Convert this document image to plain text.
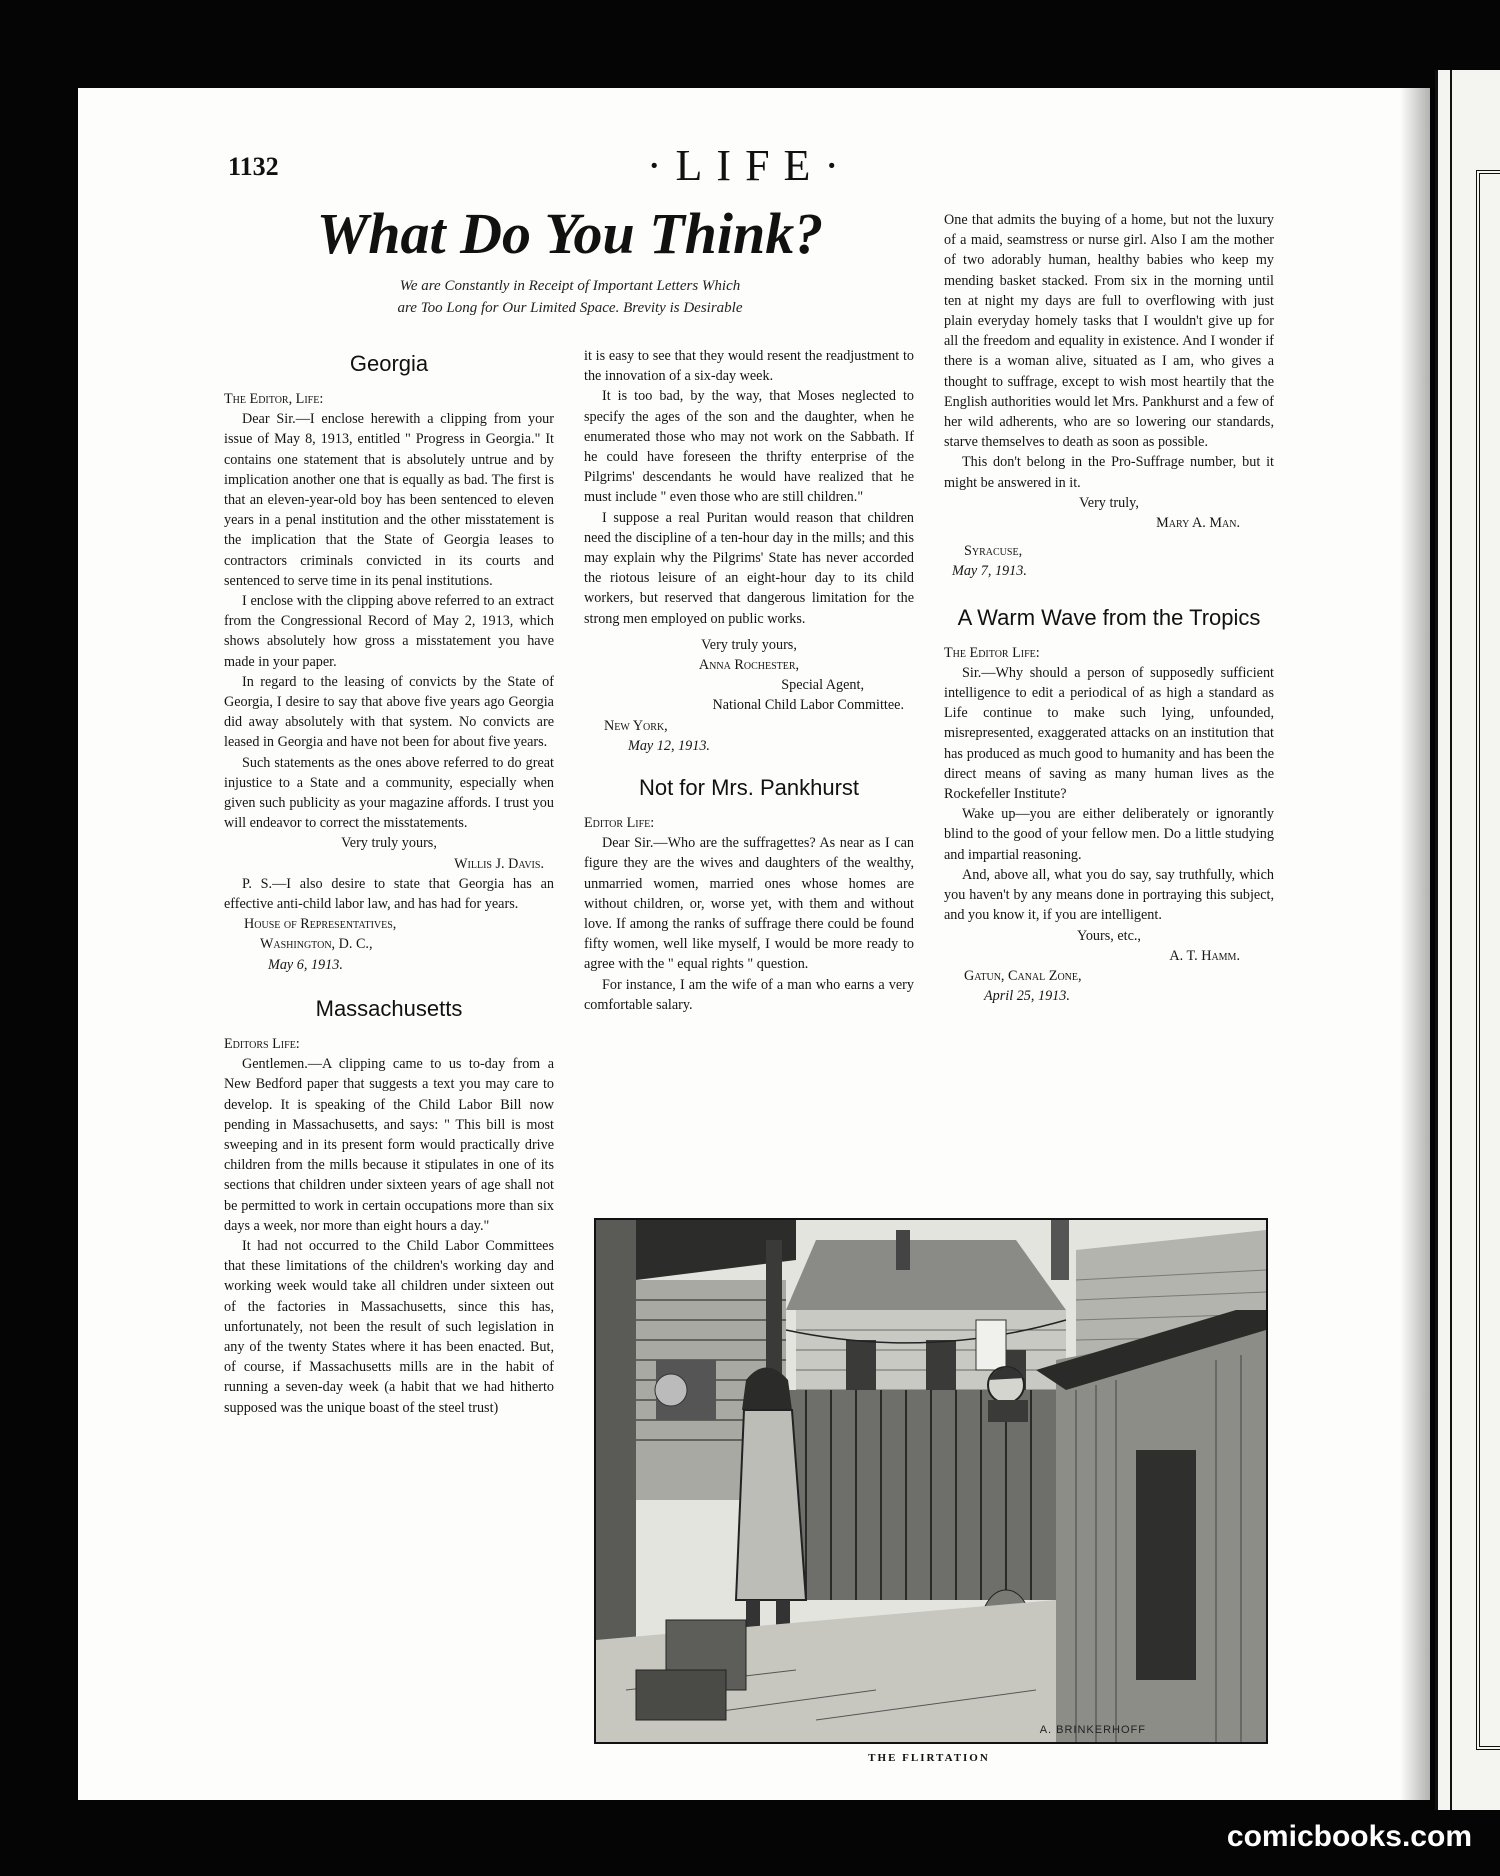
1132	·LIFE·
What Do You Think?
We are Constantly in Receipt of Important Letters Which
are Too Long for Our Limited Space. Brevity is Desirable
Georgia

The Editor, Life:

Dear Sir.—I enclose herewith a clipping from your issue of May 8, 1913, entitled " Progress in Georgia." It contains one statement that is absolutely untrue and by implication another one that is equally as bad. The first is that an eleven-year-old boy has been sentenced to eleven years in a penal institution and the other misstatement is the implication that the State of Georgia leases to contractors criminals convicted in its courts and sentenced to serve time in its penal institutions.

I enclose with the clipping above referred to an extract from the Congressional Record of May 2, 1913, which shows absolutely how gross a misstatement you have made in your paper.

In regard to the leasing of convicts by the State of Georgia, I desire to say that above five years ago Georgia did away absolutely with that system. No convicts are leased in Georgia and have not been for about five years.

Such statements as the ones above referred to do great injustice to a State and a community, especially when given such publicity as your magazine affords. I trust you will endeavor to correct the misstatements.

Very truly yours,

Willis J. Davis.

P. S.—I also desire to state that Georgia has an effective anti-child labor law, and has had for years.

House of Representatives,

Washington, D. C.,

May 6, 1913.

Massachusetts

Editors Life:

Gentlemen.—A clipping came to us to-day from a New Bedford paper that suggests a text you may care to develop. It is speaking of the Child Labor Bill now pending in Massachusetts, and says: " This bill is most sweeping and in its present form would practically drive children from the mills because it stipulates in one of its sections that children under sixteen years of age shall not be permitted to work in certain occupations more than six days a week, nor more than eight hours a day."

It had not occurred to the Child Labor Committees that these limitations of the children's working day and working week would take all children under sixteen out of the factories in Massachusetts, since this has, unfortunately, not been the result of such legislation in any of the twenty States where it has been enacted. But, of course, if Massachusetts mills are in the habit of running a seven-day week (a habit that we had hitherto supposed was the unique boast of the steel trust)

it is easy to see that they would resent the readjustment to the innovation of a six-day week.

It is too bad, by the way, that Moses neglected to specify the ages of the son and the daughter, when he enumerated those who may not work on the Sabbath. If he could have foreseen the thrifty enterprise of the Pilgrims' descendants he would have realized that he must include " even those who are still children."

I suppose a real Puritan would reason that children need the discipline of a ten-hour day in the mills; and this may explain why the Pilgrims' State has never accorded the riotous leisure of an eight-hour day to its child workers, but reserved that dangerous limitation for the strong men employed on public works.

Very truly yours,

Anna Rochester,

Special Agent,

National Child Labor Committee.

New York,

May 12, 1913.

Not for Mrs. Pankhurst

Editor Life:

Dear Sir.—Who are the suffragettes? As near as I can figure they are the wives and daughters of the wealthy, unmarried women, married ones whose homes are without children, or, worse yet, with them and without love. If among the ranks of suffrage there could be found fifty women, well like myself, I would be more ready to agree with the " equal rights " question.

For instance, I am the wife of a man who earns a very comfortable salary.

One that admits the buying of a home, but not the luxury of a maid, seamstress or nurse girl. Also I am the mother of two adorably human, healthy babies who keep my mending basket stacked. From six in the morning until ten at night my days are full to overflowing with just plain everyday homely tasks that I wouldn't give up for all the freedom and equality in existence. And I wonder if there is a woman alive, situated as I am, who gives a thought to suffrage, except to wish most heartily that the English authorities would let Mrs. Pankhurst and a few of her wild adherents, who are so lowering our standards, starve themselves to death as soon as possible.

This don't belong in the Pro-Suffrage number, but it might be answered in it.

Very truly,

Mary A. Man.

Syracuse,

May 7, 1913.

A Warm Wave from the Tropics

The Editor Life:

Sir.—Why should a person of supposedly sufficient intelligence to edit a periodical of as high a standard as Life continue to make such lying, unfounded, misrepresented, exaggerated attacks on an institution that has produced as much good to humanity and has been the direct means of saving as many human lives as the Rockefeller Institute?

Wake up—you are either deliberately or ignorantly blind to the good of your fellow men. Do a little studying and impartial reasoning.

And, above all, what you do say, say truthfully, which you haven't by any means done in portraying this subject, and you know it, if you are intelligent.

Yours, etc.,

A. T. Hamm.

Gatun, Canal Zone,

April 25, 1913.

A. BRINKERHOFF
THE FLIRTATION
comicbooks.com
